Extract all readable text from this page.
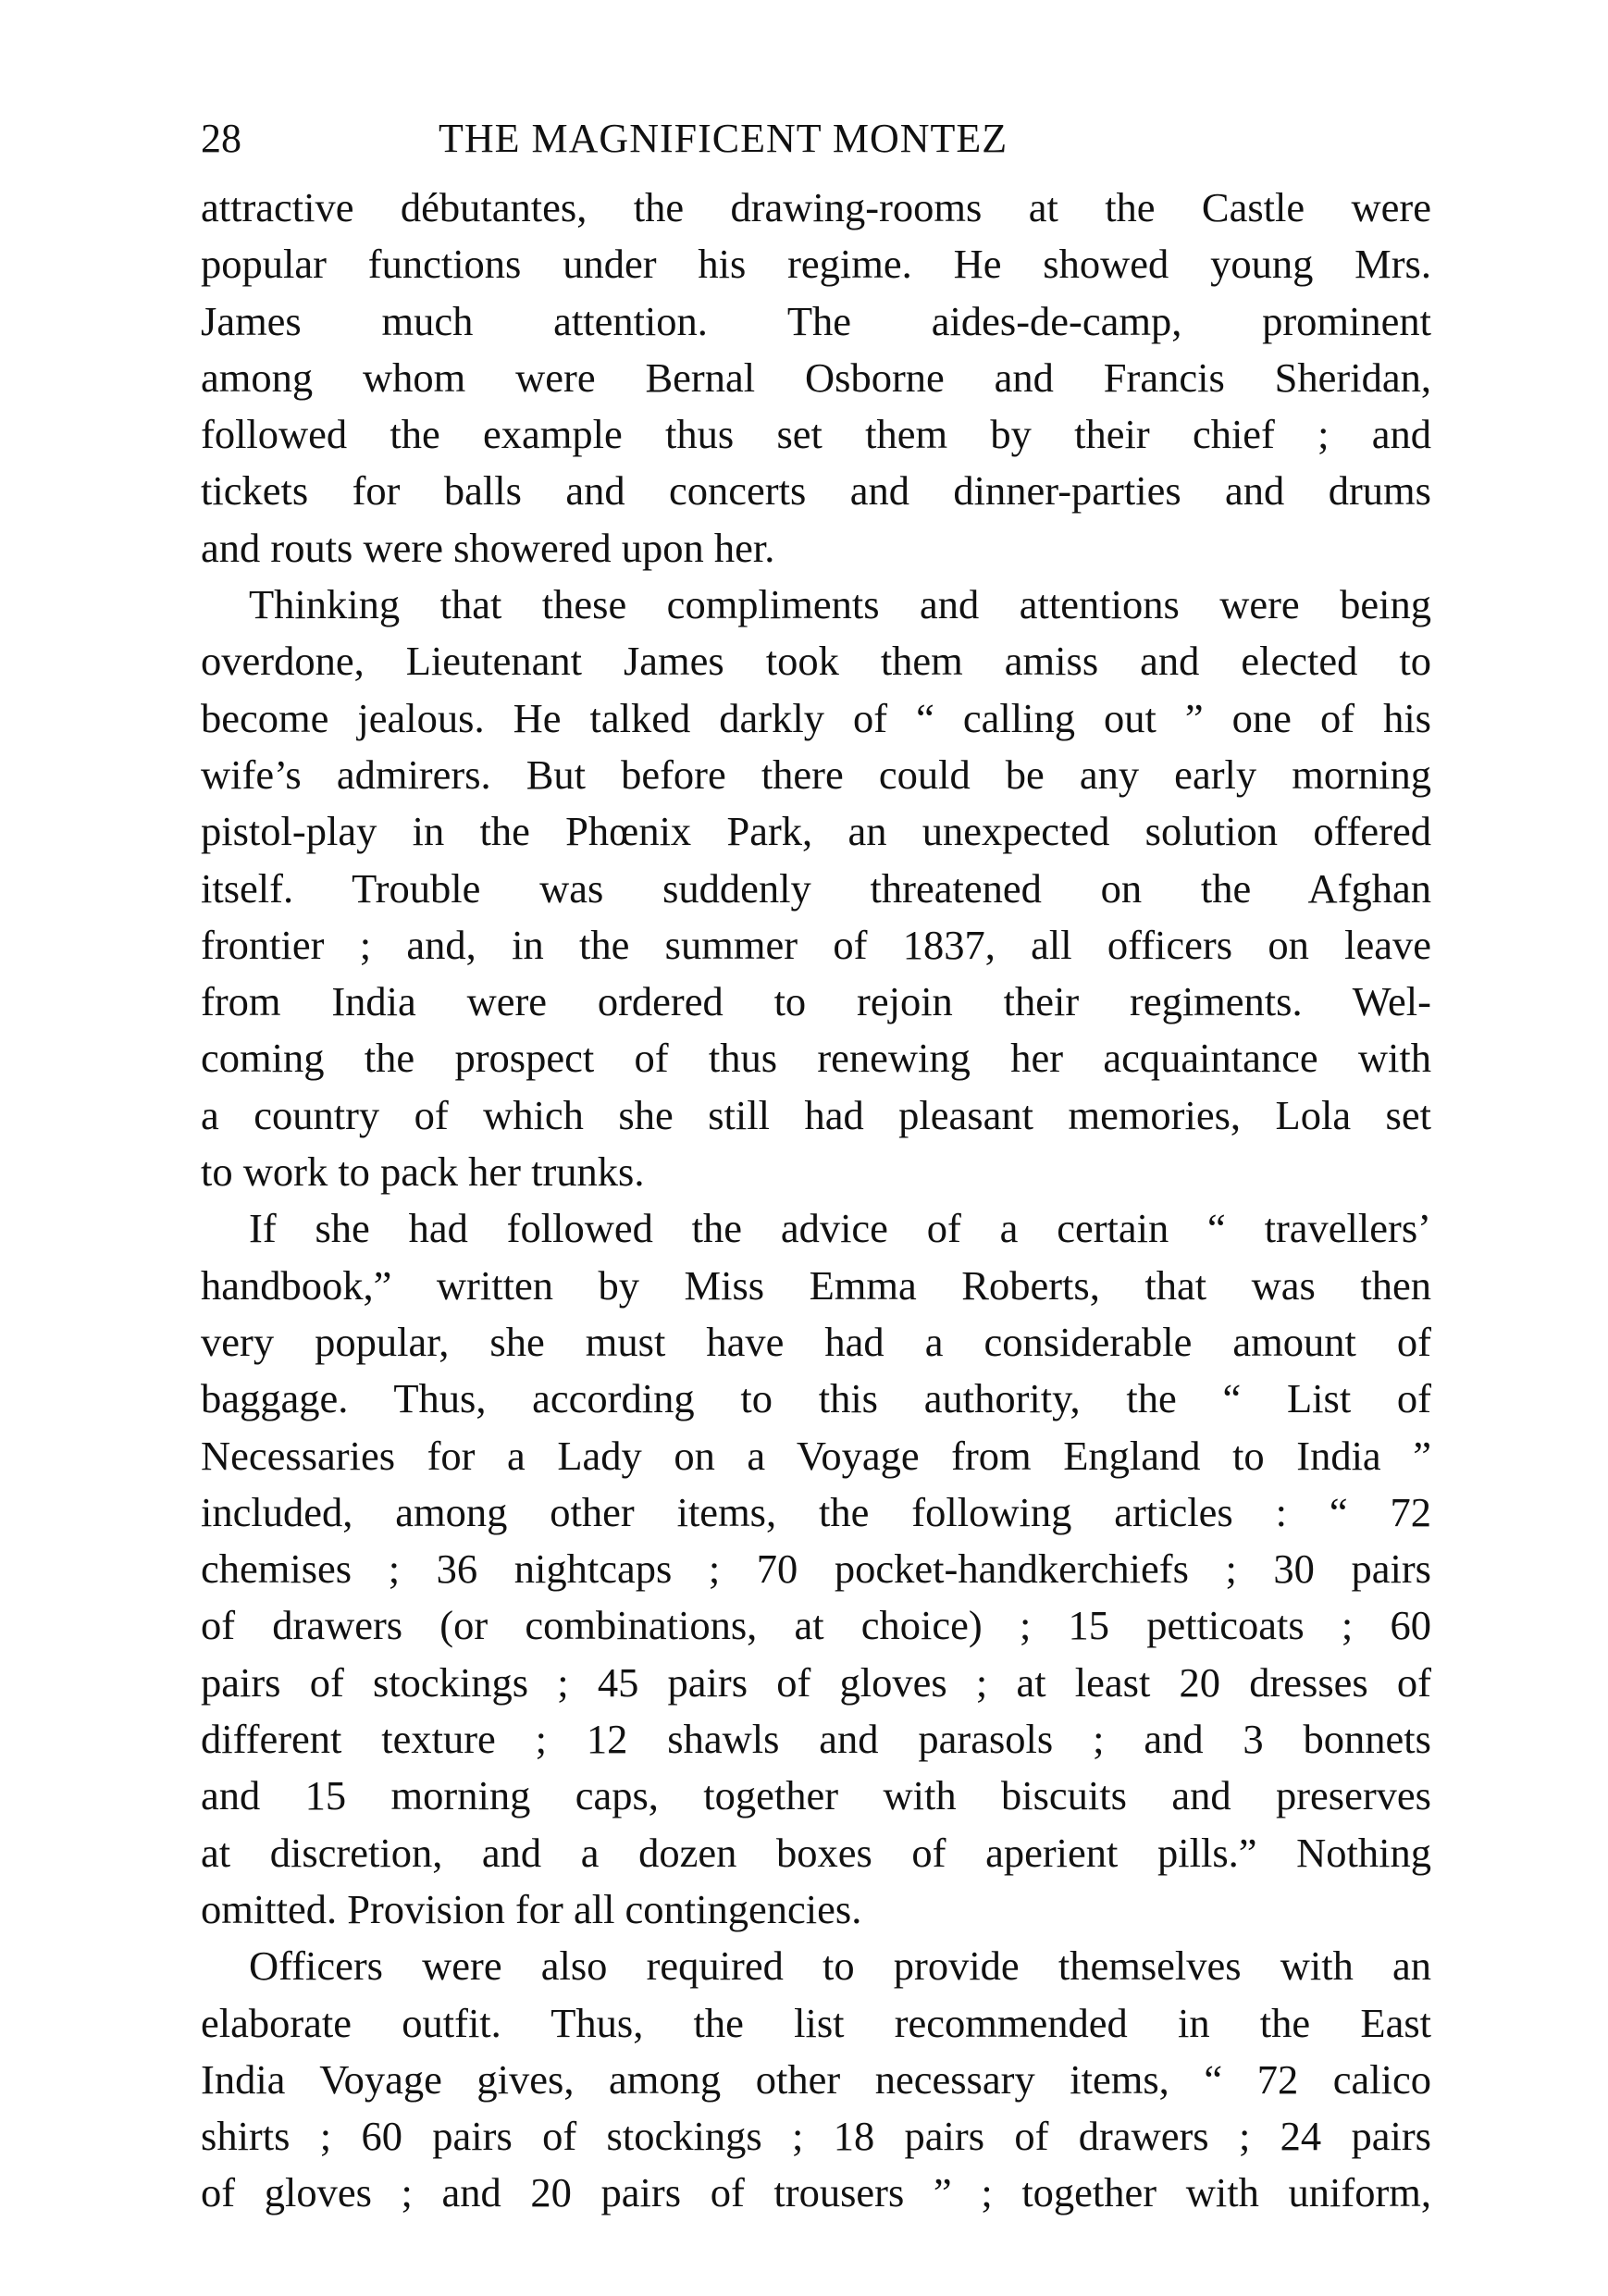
28	THE MAGNIFICENT MONTEZ

attractive débutantes, the drawing-rooms at the Castle were
popular functions under his regime. He showed young Mrs.
James much attention. The aides-de-camp, prominent
among whom were Bernal Osborne and Francis Sheridan,
followed the example thus set them by their chief ; and
tickets for balls and concerts and dinner-parties and drums
and routs were showered upon her.

Thinking that these compliments and attentions were being
overdone, Lieutenant James took them amiss and elected to
become jealous. He talked darkly of “ calling out ” one of his
wife’s admirers. But before there could be any early morning
pistol-play in the Phœnix Park, an unexpected solution offered
itself. Trouble was suddenly threatened on the Afghan
frontier ; and, in the summer of 1837, all officers on leave
from India were ordered to rejoin their regiments. Wel-
coming the prospect of thus renewing her acquaintance with
a country of which she still had pleasant memories, Lola set
to work to pack her trunks.

If she had followed the advice of a certain “ travellers’
handbook,” written by Miss Emma Roberts, that was then
very popular, she must have had a considerable amount of
baggage. Thus, according to this authority, the “ List of
Necessaries for a Lady on a Voyage from England to India ”
included, among other items, the following articles : “ 72
chemises ; 36 nightcaps ; 70 pocket-handkerchiefs ; 30 pairs
of drawers (or combinations, at choice) ; 15 petticoats ; 60
pairs of stockings ; 45 pairs of gloves ; at least 20 dresses of
different texture ; 12 shawls and parasols ; and 3 bonnets
and 15 morning caps, together with biscuits and preserves
at discretion, and a dozen boxes of aperient pills.” Nothing
omitted. Provision for all contingencies.

Officers were also required to provide themselves with an
elaborate outfit. Thus, the list recommended in the East
India Voyage gives, among other necessary items, “ 72 calico
shirts ; 60 pairs of stockings ; 18 pairs of drawers ; 24 pairs
of gloves ; and 20 pairs of trousers ” ; together with uniform,
